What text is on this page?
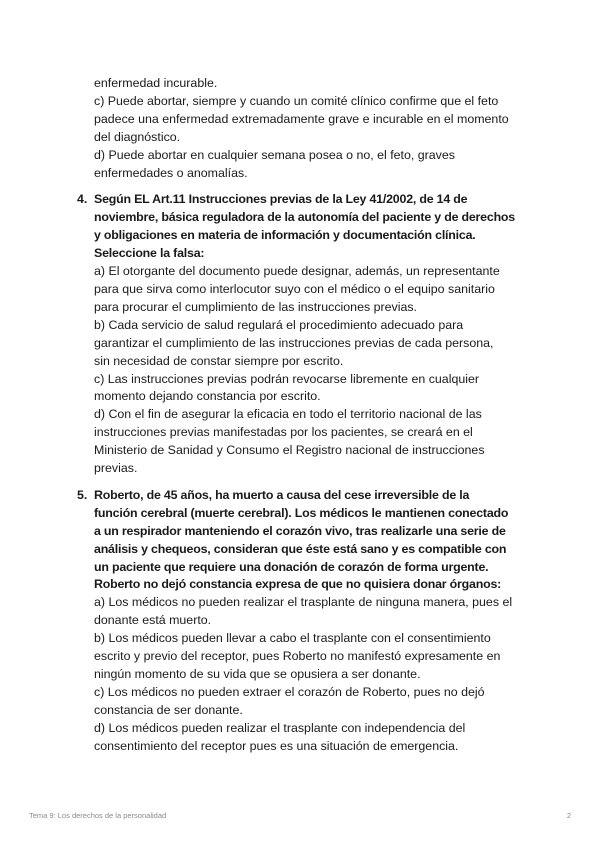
enfermedad incurable.

c) Puede abortar, siempre y cuando un comité clínico confirme que el feto

padece una enfermedad extremadamente grave e incurable en el momento

del diagnóstico.

d) Puede abortar en cualquier semana posea o no, el feto, graves

enfermedades o anomalías.

4. Según EL Art.11 Instrucciones previas de la Ley 41/2002, de 14 de

noviembre, básica reguladora de la autonomía del paciente y de derechos

y obligaciones en materia de información y documentación clínica.

Seleccione la falsa:

a) El otorgante del documento puede designar, además, un representante

para que sirva como interlocutor suyo con el médico o el equipo sanitario

para procurar el cumplimiento de las instrucciones previas.

b) Cada servicio de salud regulará el procedimiento adecuado para

garantizar el cumplimiento de las instrucciones previas de cada persona,

sin necesidad de constar siempre por escrito.

c) Las instrucciones previas podrán revocarse libremente en cualquier

momento dejando constancia por escrito.

d) Con el fin de asegurar la eficacia en todo el territorio nacional de las

instrucciones previas manifestadas por los pacientes, se creará en el

Ministerio de Sanidad y Consumo el Registro nacional de instrucciones

previas.

5. Roberto, de 45 años, ha muerto a causa del cese irreversible de la

función cerebral (muerte cerebral). Los médicos le mantienen conectado

a un respirador manteniendo el corazón vivo, tras realizarle una serie de

análisis y chequeos, consideran que éste está sano y es compatible con

un paciente que requiere una donación de corazón de forma urgente.

Roberto no dejó constancia expresa de que no quisiera donar órganos:

a) Los médicos no pueden realizar el trasplante de ninguna manera, pues el

donante está muerto.

b) Los médicos pueden llevar a cabo el trasplante con el consentimiento

escrito y previo del receptor, pues Roberto no manifestó expresamente en

ningún momento de su vida que se opusiera a ser donante.

c) Los médicos no pueden extraer el corazón de Roberto, pues no dejó

constancia de ser donante.

d) Los médicos pueden realizar el trasplante con independencia del

consentimiento del receptor pues es una situación de emergencia.

Tema 9: Los derechos de la personalidad	2
